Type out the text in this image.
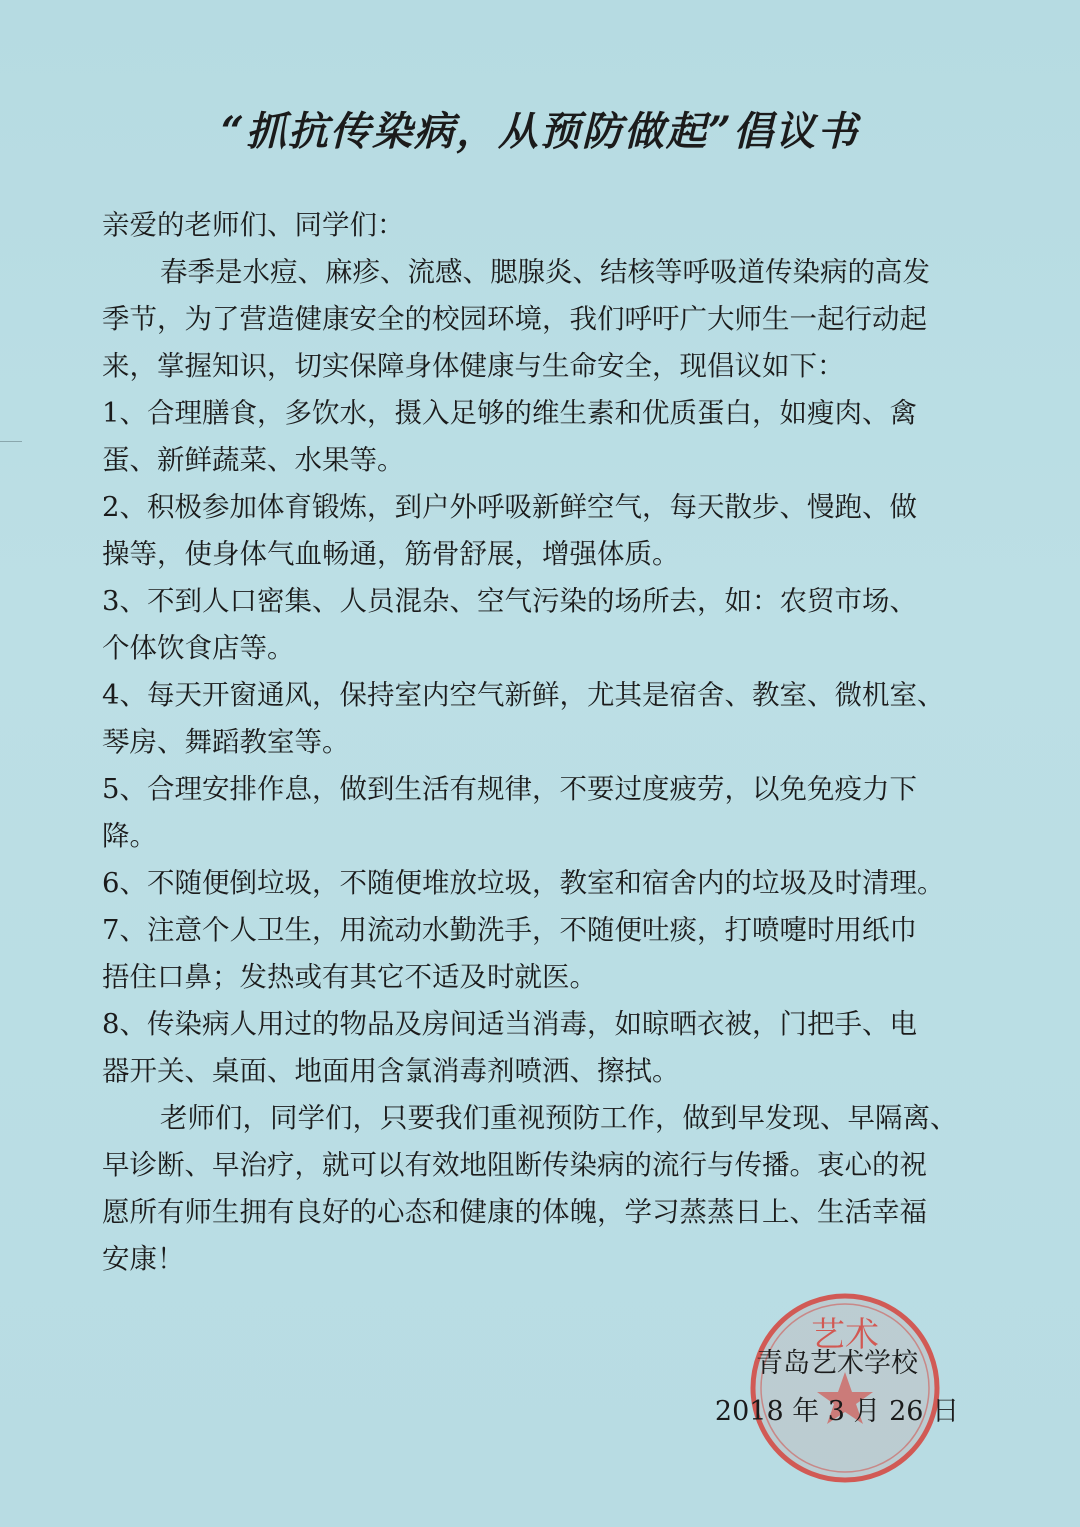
“抓抗传染病，从预防做起”倡议书
亲爱的老师们、同学们：
春季是水痘、麻疹、流感、腮腺炎、结核等呼吸道传染病的高发
季节，为了营造健康安全的校园环境，我们呼吁广大师生一起行动起
来，掌握知识，切实保障身体健康与生命安全，现倡议如下：
1、合理膳食，多饮水，摄入足够的维生素和优质蛋白，如瘦肉、禽
蛋、新鲜蔬菜、水果等。
2、积极参加体育锻炼，到户外呼吸新鲜空气，每天散步、慢跑、做
操等，使身体气血畅通，筋骨舒展，增强体质。
3、不到人口密集、人员混杂、空气污染的场所去，如：农贸市场、
个体饮食店等。
4、每天开窗通风，保持室内空气新鲜，尤其是宿舍、教室、微机室、
琴房、舞蹈教室等。
5、合理安排作息，做到生活有规律，不要过度疲劳，以免免疫力下
降。
6、不随便倒垃圾，不随便堆放垃圾，教室和宿舍内的垃圾及时清理。
7、注意个人卫生，用流动水勤洗手，不随便吐痰，打喷嚏时用纸巾
捂住口鼻；发热或有其它不适及时就医。
8、传染病人用过的物品及房间适当消毒，如晾晒衣被，门把手、电
器开关、桌面、地面用含氯消毒剂喷洒、擦拭。
老师们，同学们，只要我们重视预防工作，做到早发现、早隔离、
早诊断、早治疗，就可以有效地阻断传染病的流行与传播。衷心的祝
愿所有师生拥有良好的心态和健康的体魄，学习蒸蒸日上、生活幸福
安康！
艺术
青岛艺术学校
2018 年 3 月 26 日
